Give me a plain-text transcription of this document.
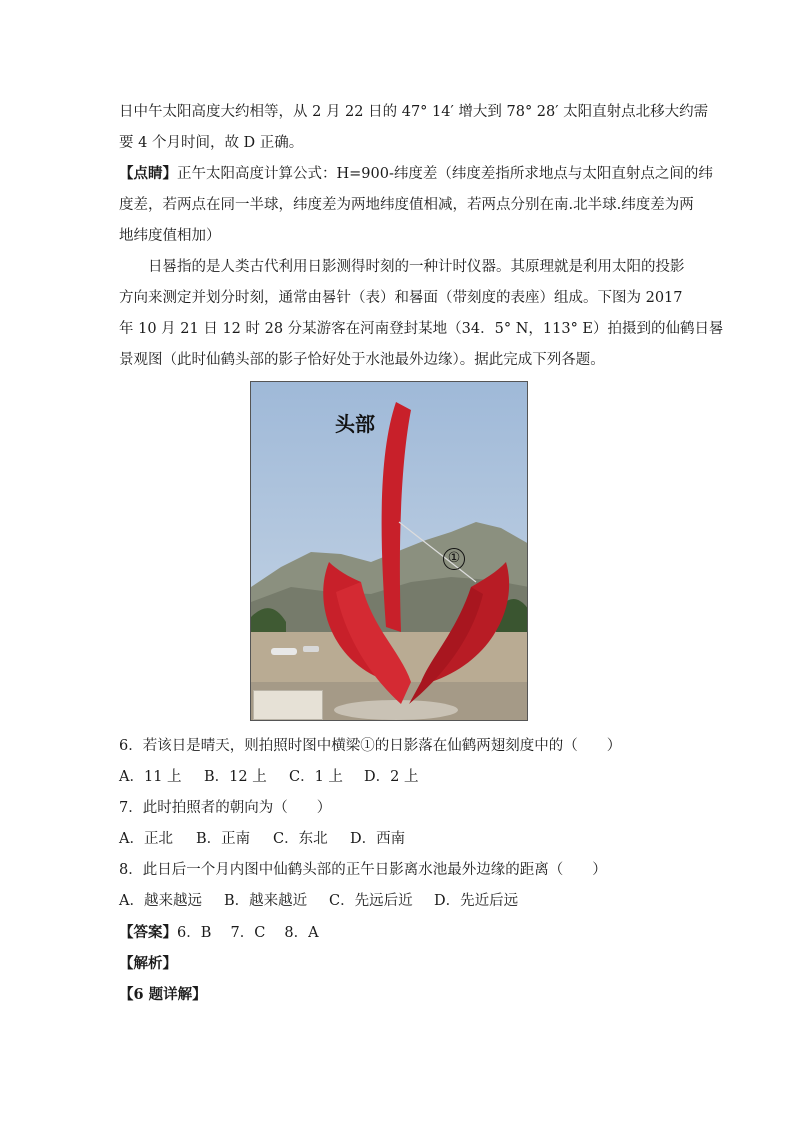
日中午太阳高度大约相等，从 2 月 22 日的 47° 14′ 增大到 78° 28′ 太阳直射点北移大约需
要 4 个月时间，故 D 正确。
【点睛】正午太阳高度计算公式：H=900-纬度差（纬度差指所求地点与太阳直射点之间的纬
度差，若两点在同一半球，纬度差为两地纬度值相减，若两点分别在南.北半球.纬度差为两
地纬度值相加）
日晷指的是人类古代利用日影测得时刻的一种计时仪器。其原理就是利用太阳的投影
方向来测定并划分时刻，通常由晷针（表）和晷面（带刻度的表座）组成。下图为 2017
年 10 月 21 日 12 时 28 分某游客在河南登封某地（34．5° N，113° E）拍摄到的仙鹤日晷
景观图（此时仙鹤头部的影子恰好处于水池最外边缘）。据此完成下列各题。
头部
①
6．若该日是晴天，则拍照时图中横梁①的日影落在仙鹤两翅刻度中的（　　）
A．11 上 B．12 上 C．1 上 D．2 上
7．此时拍照者的朝向为（　　）
A．正北 B．正南 C．东北 D．西南
8．此日后一个月内图中仙鹤头部的正午日影离水池最外边缘的距离（　　）
A．越来越远 B．越来越近 C．先远后近 D．先近后远
【答案】6．B　 7．C　 8．A
【解析】
【6 题详解】
